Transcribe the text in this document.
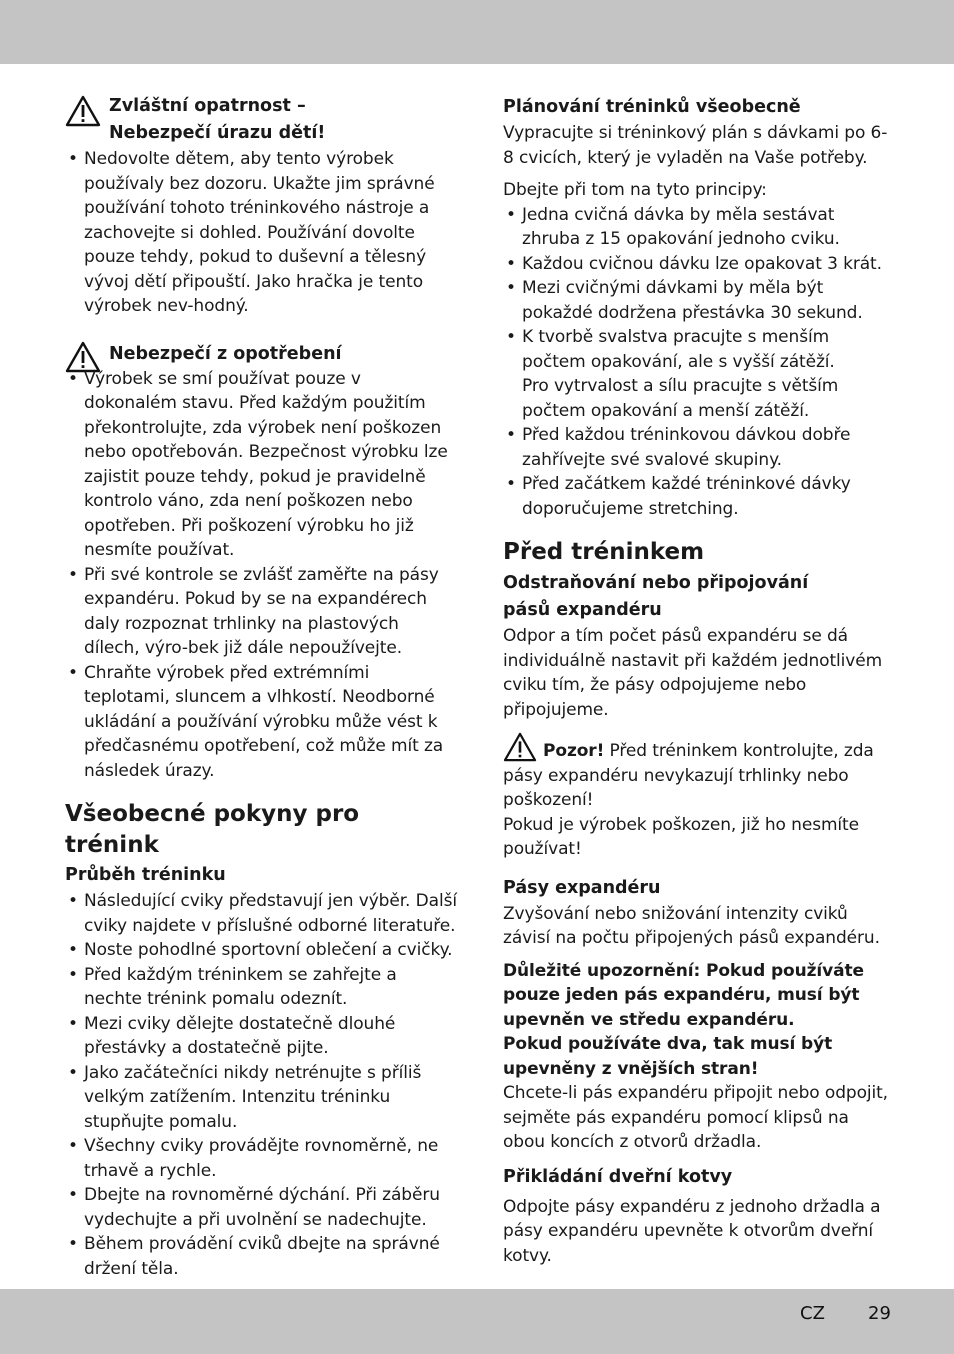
Zvláštní opatrnost –
Nebezpečí úrazu dětí!
• Nedovolte dětem, aby tento výrobek používaly bez dozoru. Ukažte jim správné používání tohoto tréninkového nástroje a zachovejte si dohled. Používání dovolte pouze tehdy, pokud to duševní a tělesný vývoj dětí připouští. Jako hračka je tento výrobek nev-hodný.
Nebezpečí z opotřebení
• Výrobek se smí používat pouze v dokonalém stavu. Před každým použitím překontrolujte, zda výrobek není poškozen nebo opotřebován. Bezpečnost výrobku lze zajistit pouze tehdy, pokud je pravidelně kontrolo váno, zda není poškozen nebo opotřeben. Při poškození výrobku ho již nesmíte používat.
• Při své kontrole se zvlášť zaměřte na pásy expandéru. Pokud by se na expandérech daly rozpoznat trhlinky na plastových dílech, výro-bek již dále nepoužívejte.
• Chraňte výrobek před extrémními teplotami, sluncem a vlhkostí. Neodborné ukládání a používání výrobku může vést k předčasnému opotřebení, což může mít za následek úrazy.
Všeobecné pokyny pro
trénink
Průběh tréninku
• Následující cviky představují jen výběr. Další cviky najdete v příslušné odborné literatuře.
• Noste pohodlné sportovní oblečení a cvičky.
• Před každým tréninkem se zahřejte a nechte trénink pomalu odeznít.
• Mezi cviky dělejte dostatečně dlouhé přestávky a dostatečně pijte.
• Jako začátečníci nikdy netrénujte s příliš velkým zatížením. Intenzitu tréninku stupňujte pomalu.
• Všechny cviky provádějte rovnoměrně, ne trhavě a rychle.
• Dbejte na rovnoměrné dýchání. Při záběru vydechujte a při uvolnění se nadechujte.
• Během provádění cviků dbejte na správné držení těla.
Plánování tréninků všeobecně

Vypracujte si tréninkový plán s dávkami po 6-8 cvicích, který je vyladěn na Vaše potřeby.

Dbejte při tom na tyto principy:

• Jedna cvičná dávka by měla sestávat zhruba z 15 opakování jednoho cviku.
• Každou cvičnou dávku lze opakovat 3 krát.
• Mezi cvičnými dávkami by měla být pokaždé dodržena přestávka 30 sekund.
• K tvorbě svalstva pracujte s menším počtem opakování, ale s vyšší zátěží.
Pro vytrvalost a sílu pracujte s větším počtem opakování a menší zátěží.
• Před každou tréninkovou dávkou dobře zahřívejte své svalové skupiny.
• Před začátkem každé tréninkové dávky doporučujeme stretching.
Před tréninkem
Odstraňování nebo připojování
pásů expandéru

Odpor a tím počet pásů expandéru se dá individuálně nastavit při každém jednotlivém cviku tím, že pásy odpojujeme nebo připojujeme.

Pozor! Před tréninkem kontrolujte, zda pásy expandéru nevykazují trhlinky nebo poškození!

Pokud je výrobek poškozen, již ho nesmíte používat!

Pásy expandéru

Zvyšování nebo snižování intenzity cviků závisí na počtu připojených pásů expandéru.

Důležité upozornění: Pokud používáte pouze jeden pás expandéru, musí být upevněn ve středu expandéru.

Pokud používáte dva, tak musí být upevněny z vnějších stran!

Chcete-li pás expandéru připojit nebo odpojit, sejměte pás expandéru pomocí klipsů na obou koncích z otvorů držadla.

Přikládání dveřní kotvy

Odpojte pásy expandéru z jednoho držadla a pásy expandéru upevněte k otvorům dveřní kotvy.

CZ 29
